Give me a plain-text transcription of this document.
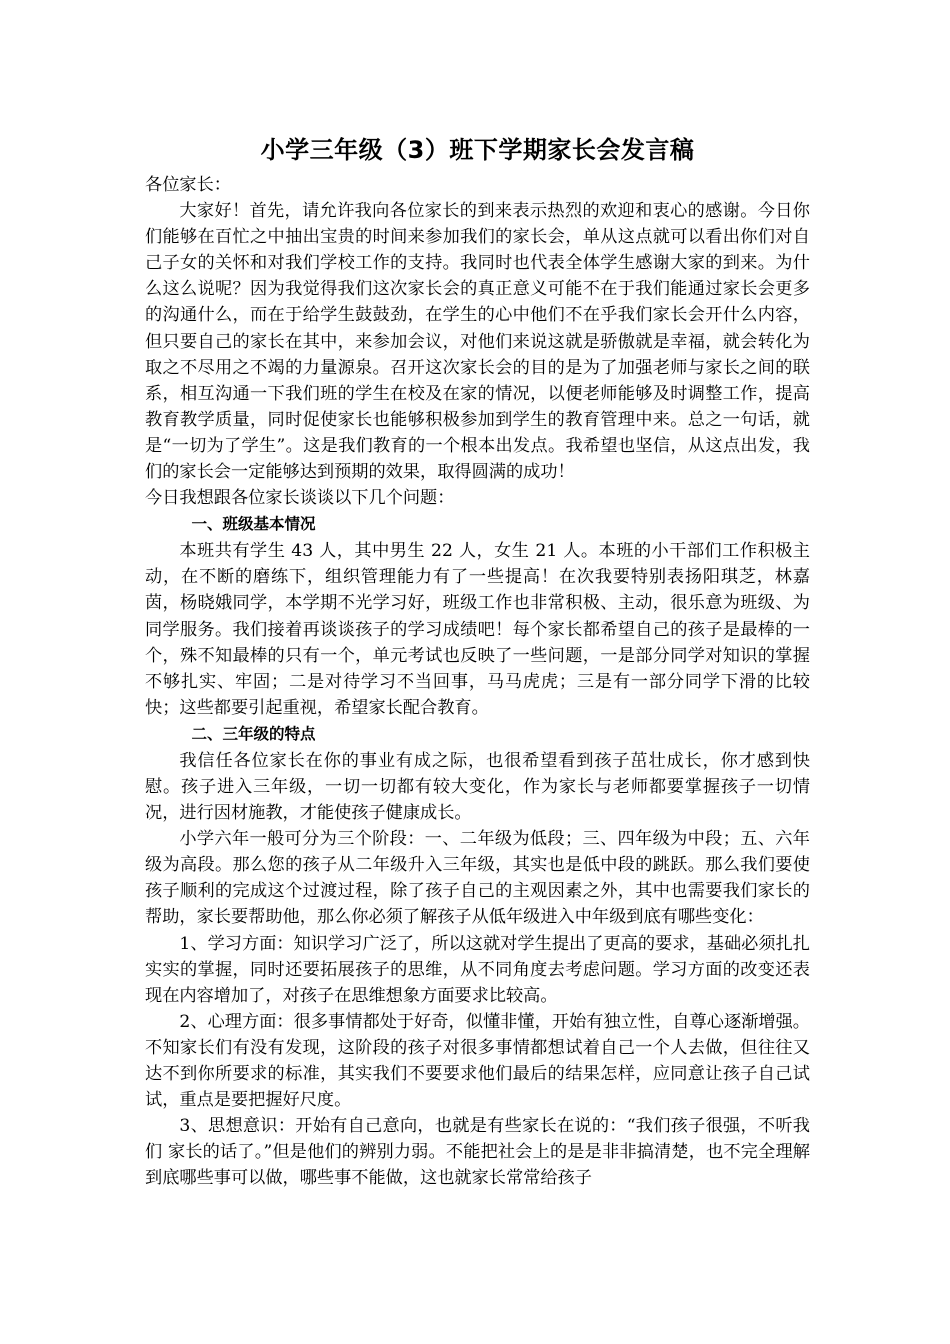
小学三年级（3）班下学期家长会发言稿

各位家长：

大家好！首先，请允许我向各位家长的到来表示热烈的欢迎和衷心的感谢。今日你们能够在百忙之中抽出宝贵的时间来参加我们的家长会，单从这点就可以看出你们对自己子女的关怀和对我们学校工作的支持。我同时也代表全体学生感谢大家的到来。为什么这么说呢？因为我觉得我们这次家长会的真正意义可能不在于我们能通过家长会更多的沟通什么，而在于给学生鼓鼓劲，在学生的心中他们不在乎我们家长会开什么内容，但只要自己的家长在其中，来参加会议，对他们来说这就是骄傲就是幸福，就会转化为取之不尽用之不竭的力量源泉。召开这次家长会的目的是为了加强老师与家长之间的联系，相互沟通一下我们班的学生在校及在家的情况，以便老师能够及时调整工作，提高教育教学质量，同时促使家长也能够积极参加到学生的教育管理中来。总之一句话，就是“一切为了学生”。这是我们教育的一个根本出发点。我希望也坚信，从这点出发，我们的家长会一定能够达到预期的效果，取得圆满的成功！

今日我想跟各位家长谈谈以下几个问题：

一、班级基本情况

本班共有学生 43 人，其中男生 22 人，女生 21 人。本班的小干部们工作积极主动，在不断的磨练下，组织管理能力有了一些提高！在次我要特别表扬阳琪芝，林嘉茵，杨晓娥同学，本学期不光学习好，班级工作也非常积极、主动，很乐意为班级、为同学服务。我们接着再谈谈孩子的学习成绩吧！每个家长都希望自己的孩子是最棒的一个，殊不知最棒的只有一个，单元考试也反映了一些问题，一是部分同学对知识的掌握不够扎实、牢固；二是对待学习不当回事，马马虎虎；三是有一部分同学下滑的比较快；这些都要引起重视，希望家长配合教育。

二、三年级的特点

我信任各位家长在你的事业有成之际，也很希望看到孩子茁壮成长，你才感到快慰。孩子进入三年级，一切一切都有较大变化，作为家长与老师都要掌握孩子一切情况，进行因材施教，才能使孩子健康成长。

小学六年一般可分为三个阶段：一、二年级为低段；三、四年级为中段；五、六年级为高段。那么您的孩子从二年级升入三年级，其实也是低中段的跳跃。那么我们要使孩子顺利的完成这个过渡过程，除了孩子自己的主观因素之外，其中也需要我们家长的帮助，家长要帮助他，那么你必须了解孩子从低年级进入中年级到底有哪些变化：

1、学习方面：知识学习广泛了，所以这就对学生提出了更高的要求，基础必须扎扎实实的掌握，同时还要拓展孩子的思维，从不同角度去考虑问题。学习方面的改变还表现在内容增加了，对孩子在思维想象方面要求比较高。

2、心理方面：很多事情都处于好奇，似懂非懂，开始有独立性，自尊心逐渐增强。不知家长们有没有发现，这阶段的孩子对很多事情都想试着自己一个人去做，但往往又达不到你所要求的标准，其实我们不要要求他们最后的结果怎样，应同意让孩子自己试试，重点是要把握好尺度。

3、思想意识：开始有自己意向，也就是有些家长在说的：“我们孩子很强，不听我们 家长的话了。”但是他们的辨别力弱。不能把社会上的是是非非搞清楚，也不完全理解到底哪些事可以做，哪些事不能做，这也就家长常常给孩子
